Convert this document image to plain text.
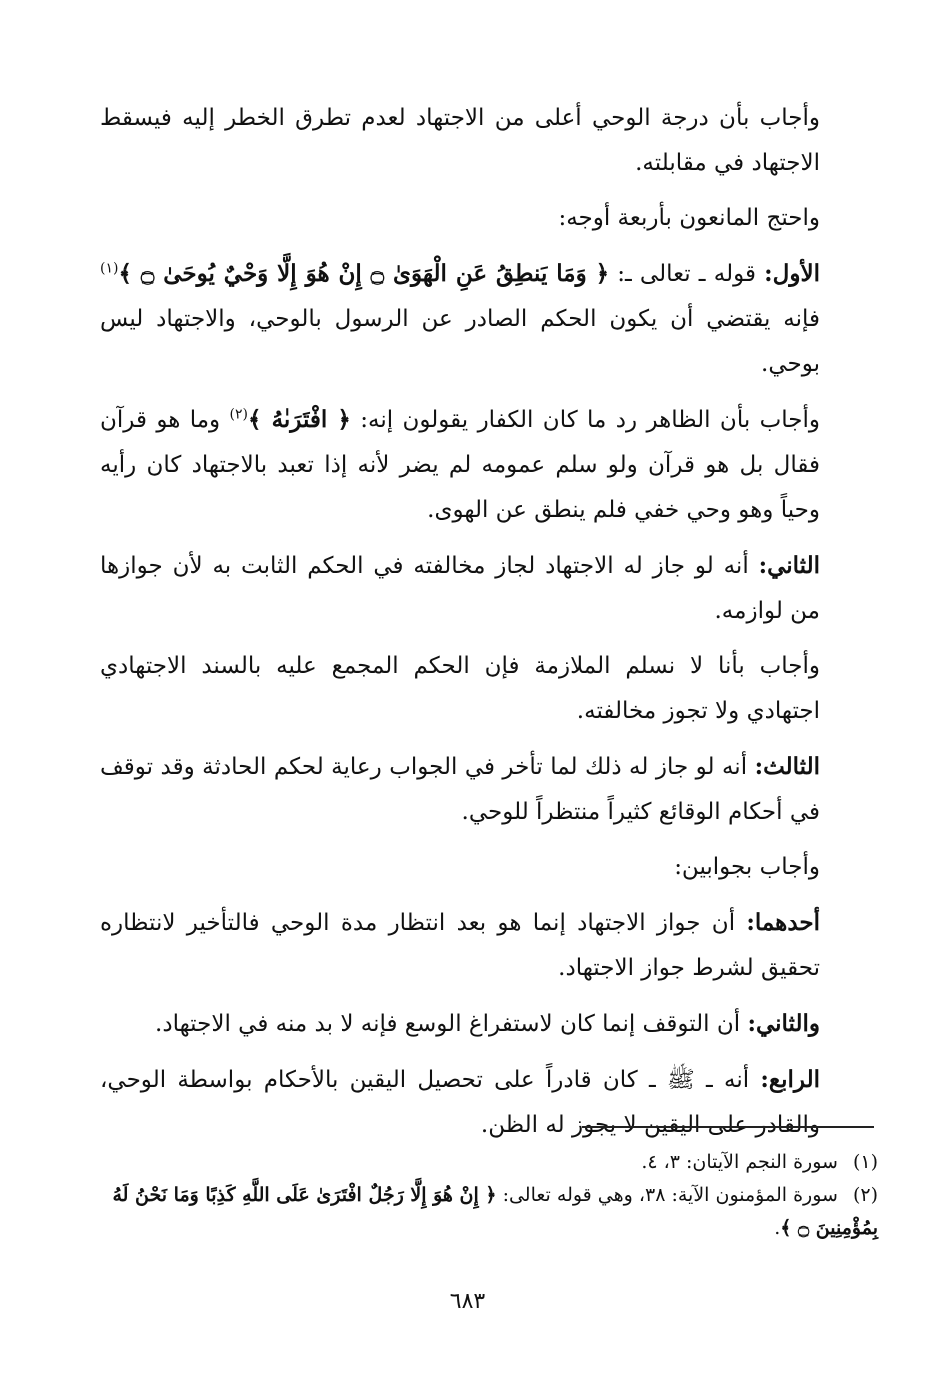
وأجاب بأن درجة الوحي أعلى من الاجتهاد لعدم تطرق الخطر إليه فيسقط الاجتهاد في مقابلته.

واحتج المانعون بأربعة أوجه:

الأول: قوله ـ تعالى ـ: ﴿ وَمَا يَنطِقُ عَنِ الْهَوَىٰ ۝ إِنْ هُوَ إِلَّا وَحْيٌ يُوحَىٰ ۝ ﴾$^{(١)}$ فإنه يقتضي أن يكون الحكم الصادر عن الرسول بالوحي، والاجتهاد ليس بوحي.

وأجاب بأن الظاهر رد ما كان الكفار يقولون إنه: ﴿ افْتَرَىٰهُ ﴾$^{(٢)}$ وما هو قرآن فقال بل هو قرآن ولو سلم عمومه لم يضر لأنه إذا تعبد بالاجتهاد كان رأيه وحياً وهو وحي خفي فلم ينطق عن الهوى.

الثاني: أنه لو جاز له الاجتهاد لجاز مخالفته في الحكم الثابت به لأن جوازها من لوازمه.

وأجاب بأنا لا نسلم الملازمة فإن الحكم المجمع عليه بالسند الاجتهادي اجتهادي ولا تجوز مخالفته.

الثالث: أنه لو جاز له ذلك لما تأخر في الجواب رعاية لحكم الحادثة وقد توقف في أحكام الوقائع كثيراً منتظراً للوحي.

وأجاب بجوابين:

أحدهما: أن جواز الاجتهاد إنما هو بعد انتظار مدة الوحي فالتأخير لانتظاره تحقيق لشرط جواز الاجتهاد.

والثاني: أن التوقف إنما كان لاستفراغ الوسع فإنه لا بد منه في الاجتهاد.

الرابع: أنه ـ ﷺ ـ كان قادراً على تحصيل اليقين بالأحكام بواسطة الوحي، والقادر على اليقين لا يجوز له الظن.

(١) سورة النجم الآيتان: ٣، ٤.

(٢) سورة المؤمنون الآية: ٣٨، وهي قوله تعالى: ﴿ إِنْ هُوَ إِلَّا رَجُلٌ افْتَرَىٰ عَلَى اللَّهِ كَذِبًا وَمَا نَحْنُ لَهُ بِمُؤْمِنِينَ ۝ ﴾.

٦٨٣
